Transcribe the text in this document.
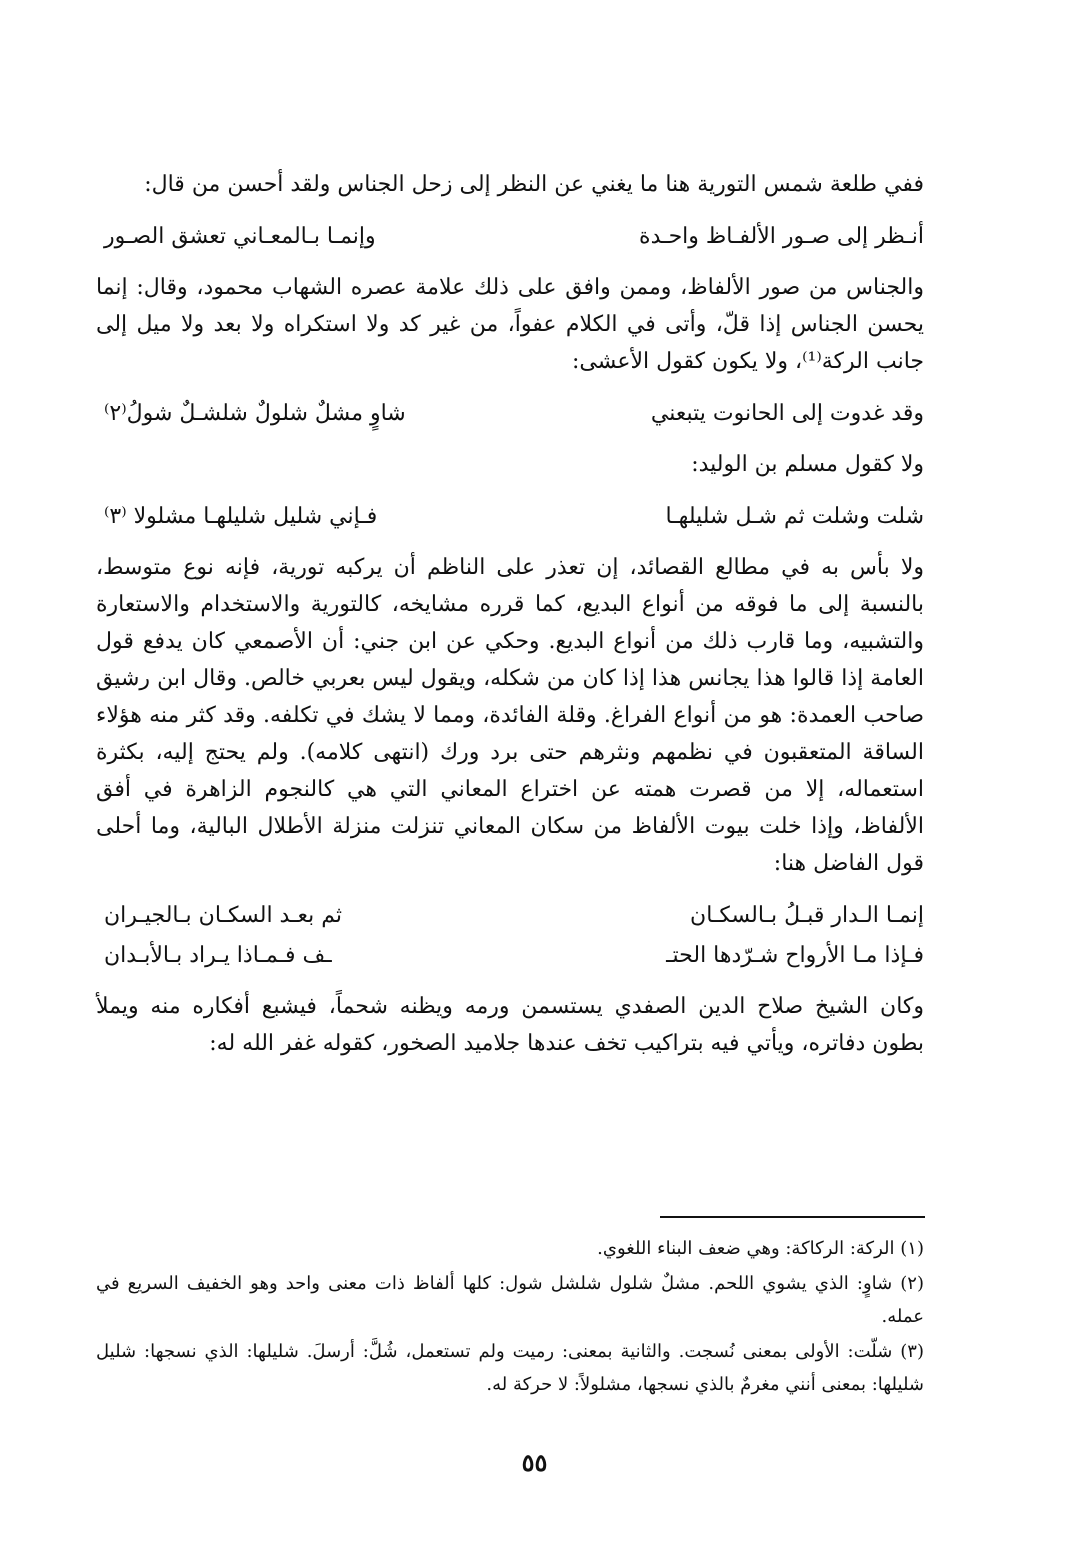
ففي طلعة شمس التورية هنا ما يغني عن النظر إلى زحل الجناس ولقد أحسن من قال:

أنـظر إلى صـور الألفـاظ واحـدة
وإنمـا بـالمعـاني تعشق الصـور

والجناس من صور الألفاظ، وممن وافق على ذلك علامة عصره الشهاب محمود، وقال: إنما يحسن الجناس إذا قلّ، وأتى في الكلام عفواً، من غير كد ولا استكراه ولا بعد ولا ميل إلى جانب الركة⁽¹⁾، ولا يكون كقول الأعشى:

وقد غدوت إلى الحانوت يتبعني
شاوٍ مشلٌ شلولٌ شلشـلٌ شولُ⁽٢⁾

ولا كقول مسلم بن الوليد:

شلت وشلت ثم شـل شليلهـا
فـإني شليل شليلهـا مشلولا ⁽٣⁾

ولا بأس به في مطالع القصائد، إن تعذر على الناظم أن يركبه تورية، فإنه نوع متوسط، بالنسبة إلى ما فوقه من أنواع البديع، كما قرره مشايخه، كالتورية والاستخدام والاستعارة والتشبيه، وما قارب ذلك من أنواع البديع. وحكي عن ابن جني: أن الأصمعي كان يدفع قول العامة إذا قالوا هذا يجانس هذا إذا كان من شكله، ويقول ليس بعربي خالص. وقال ابن رشيق صاحب العمدة: هو من أنواع الفراغ. وقلة الفائدة، ومما لا يشك في تكلفه. وقد كثر منه هؤلاء الساقة المتعقبون في نظمهم ونثرهم حتى برد ورك (انتهى كلامه). ولم يحتج إليه، بكثرة استعماله، إلا من قصرت همته عن اختراع المعاني التي هي كالنجوم الزاهرة في أفق الألفاظ، وإذا خلت بيوت الألفاظ من سكان المعاني تنزلت منزلة الأطلال البالية، وما أحلى قول الفاضل هنا:

إنمـا الـدار قبـلُ بـالسكـان
ثم بعـد السكـان بـالجيـران
فـإذا مـا الأرواح شـرّدها الحتـ
ـف فـمـاذا يـراد بـالأبـدان

وكان الشيخ صلاح الدين الصفدي يستسمن ورمه ويظنه شحماً، فيشبع أفكاره منه ويملأ بطون دفاتره، ويأتي فيه بتراكيب تخف عندها جلاميد الصخور، كقوله غفر الله له:

(١) الركة: الركاكة: وهي ضعف البناء اللغوي.

(٢) شاوٍ: الذي يشوي اللحم. مشلٌ شلول شلشل شول: كلها ألفاظ ذات معنى واحد وهو الخفيف السريع في عمله.

(٣) شلّت: الأولى بمعنى نُسجت. والثانية بمعنى: رميت ولم تستعمل، شُلَّ: أرسلَ. شليلها: الذي نسجها: شليل شليلها: بمعنى أنني مغرمٌ بالذي نسجها، مشلولاً: لا حركة له.

٥٥
